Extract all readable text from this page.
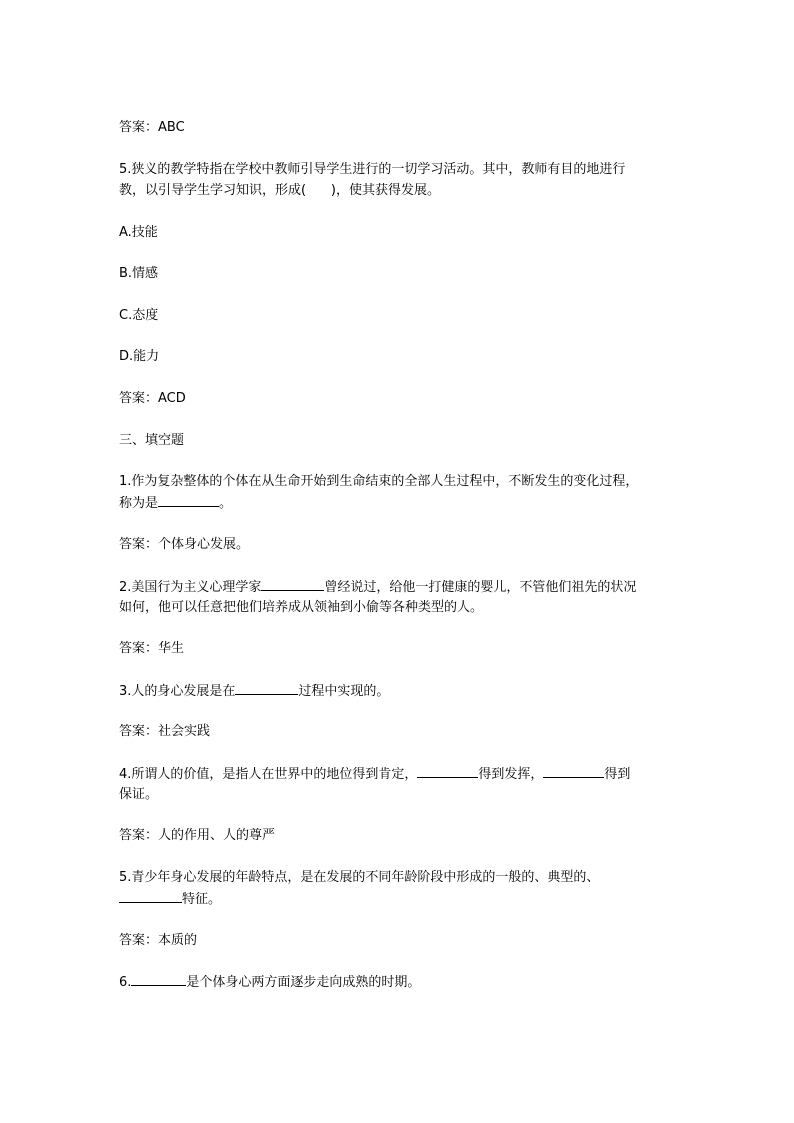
答案：ABC
5.狭义的教学特指在学校中教师引导学生进行的一切学习活动。其中，教师有目的地进行
教，以引导学生学习知识，形成(      )，使其获得发展。
A.技能
B.情感
C.态度
D.能力
答案：ACD
三、填空题
1.作为复杂整体的个体在从生命开始到生命结束的全部人生过程中，不断发生的变化过程，
称为是	。
答案：个体身心发展。
2.美国行为主义心理学家	曾经说过，给他一打健康的婴儿，不管他们祖先的状况
如何，他可以任意把他们培养成从领袖到小偷等各种类型的人。
答案：华生
3.人的身心发展是在	过程中实现的。
答案：社会实践
4.所谓人的价值，是指人在世界中的地位得到肯定，	得到发挥，	得到
保证。
答案：人的作用、人的尊严
5.青少年身心发展的年龄特点，是在发展的不同年龄阶段中形成的一般的、典型的、
特征。
答案：本质的
6.	是个体身心两方面逐步走向成熟的时期。
